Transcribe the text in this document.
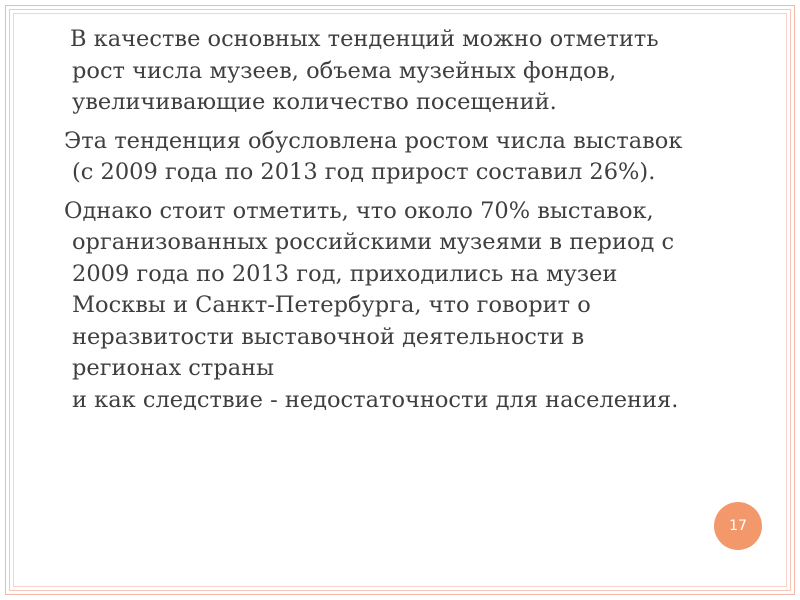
В качестве основных тенденций можно отметить
рост числа музеев, объема музейных фондов,
увеличивающие количество посещений.

Эта тенденция обусловлена ростом числа выставок
(с 2009 года по 2013 год прирост составил 26%).

Однако стоит отметить, что около 70% выставок,
организованных российскими музеями в период с
2009 года по 2013 год, приходились на музеи
Москвы и Санкт-Петербурга, что говорит о
неразвитости выставочной деятельности в
регионах страны
и как следствие - недостаточности для населения.

17
